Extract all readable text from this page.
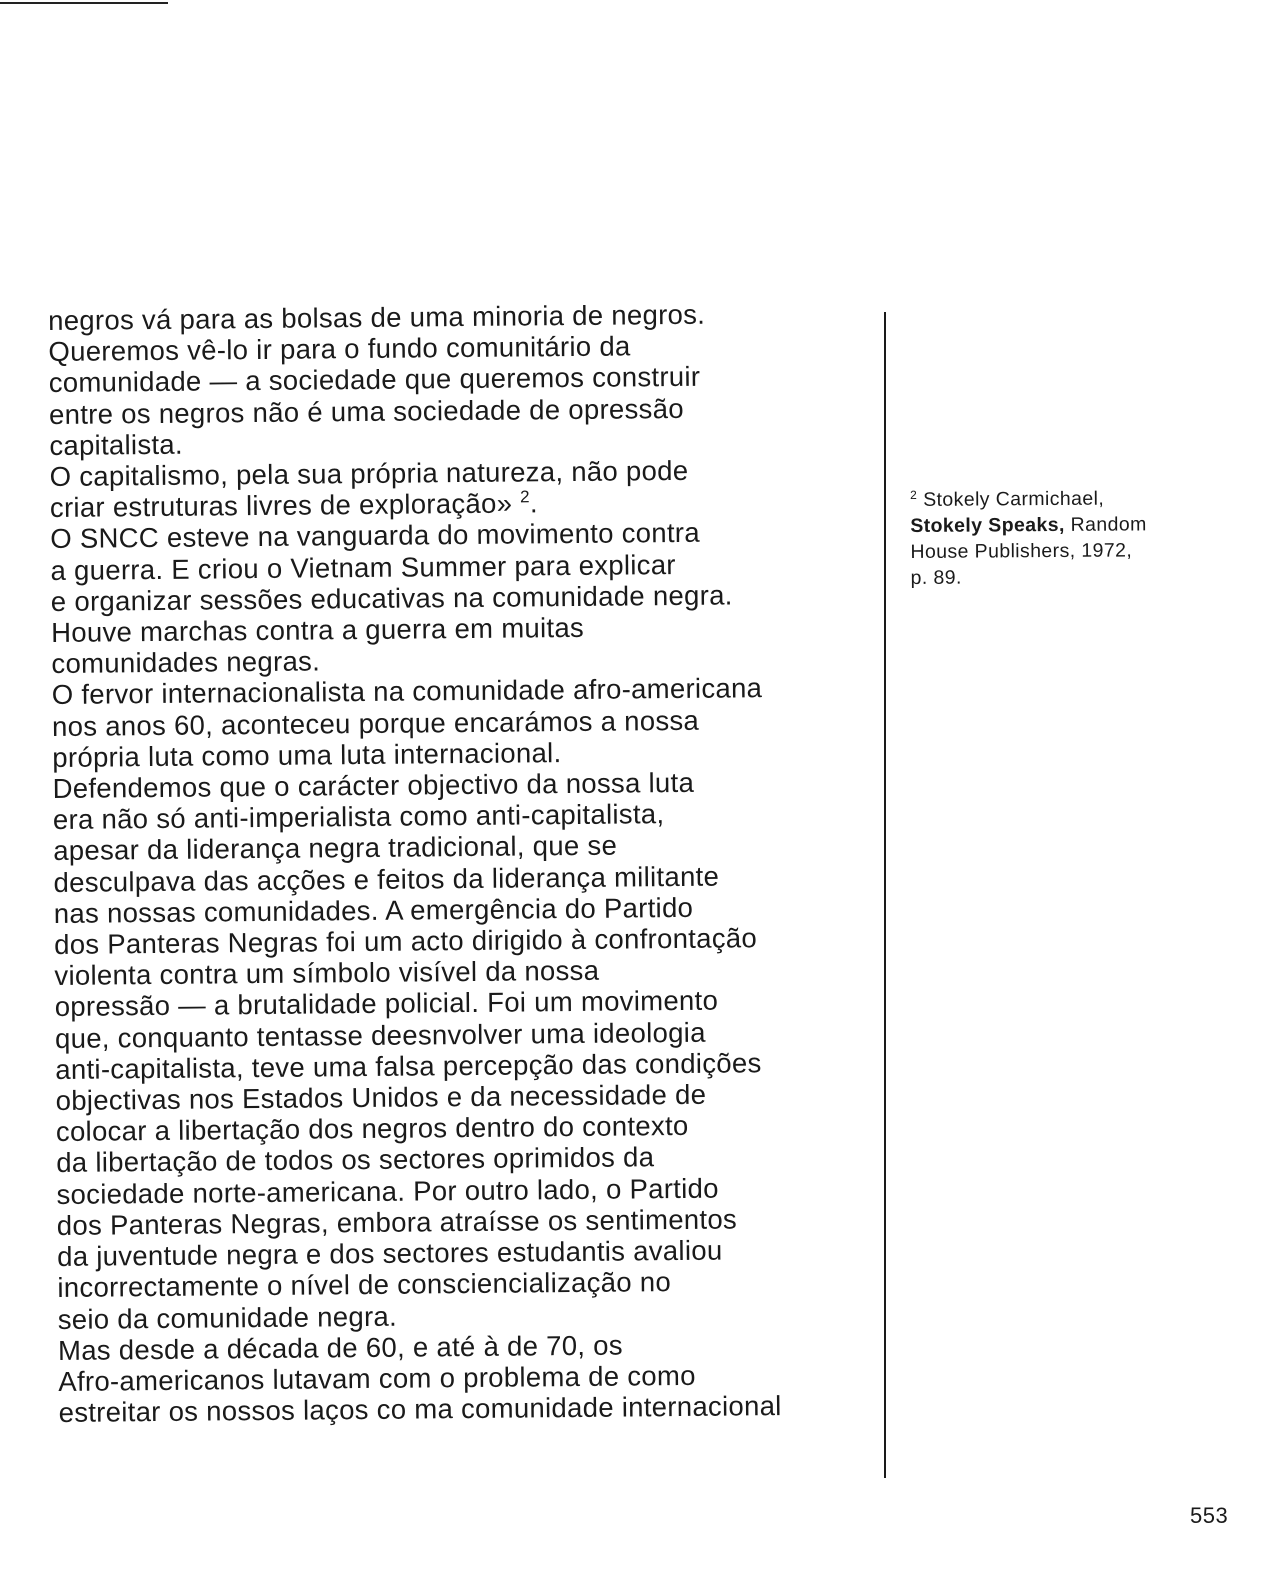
negros vá para as bolsas de uma minoria de negros.
Queremos vê-lo ir para o fundo comunitário da
comunidade — a sociedade que queremos construir
entre os negros não é uma sociedade de opressão
capitalista.
O capitalismo, pela sua própria natureza, não pode
criar estruturas livres de exploração» $^2$.
O SNCC esteve na vanguarda do movimento contra
a guerra. E criou o Vietnam Summer para explicar
e organizar sessões educativas na comunidade negra.
Houve marchas contra a guerra em muitas
comunidades negras.
O fervor internacionalista na comunidade afro-americana
nos anos 60, aconteceu porque encarámos a nossa
própria luta como uma luta internacional.
Defendemos que o carácter objectivo da nossa luta
era não só anti-imperialista como anti-capitalista,
apesar da liderança negra tradicional, que se
desculpava das acções e feitos da liderança militante
nas nossas comunidades. A emergência do Partido
dos Panteras Negras foi um acto dirigido à confrontação
violenta contra um símbolo visível da nossa
opressão — a brutalidade policial. Foi um movimento
que, conquanto tentasse deesnvolver uma ideologia
anti-capitalista, teve uma falsa percepção das condições
objectivas nos Estados Unidos e da necessidade de
colocar a libertação dos negros dentro do contexto
da libertação de todos os sectores oprimidos da
sociedade norte-americana. Por outro lado, o Partido
dos Panteras Negras, embora atraísse os sentimentos
da juventude negra e dos sectores estudantis avaliou
incorrectamente o nível de consciencialização no
seio da comunidade negra.
Mas desde a década de 60, e até à de 70, os
Afro-americanos lutavam com o problema de como
estreitar os nossos laços co ma comunidade internacional
$^2$ Stokely Carmichael,
Stokely Speaks, Random
House Publishers, 1972,
p. 89.
553
